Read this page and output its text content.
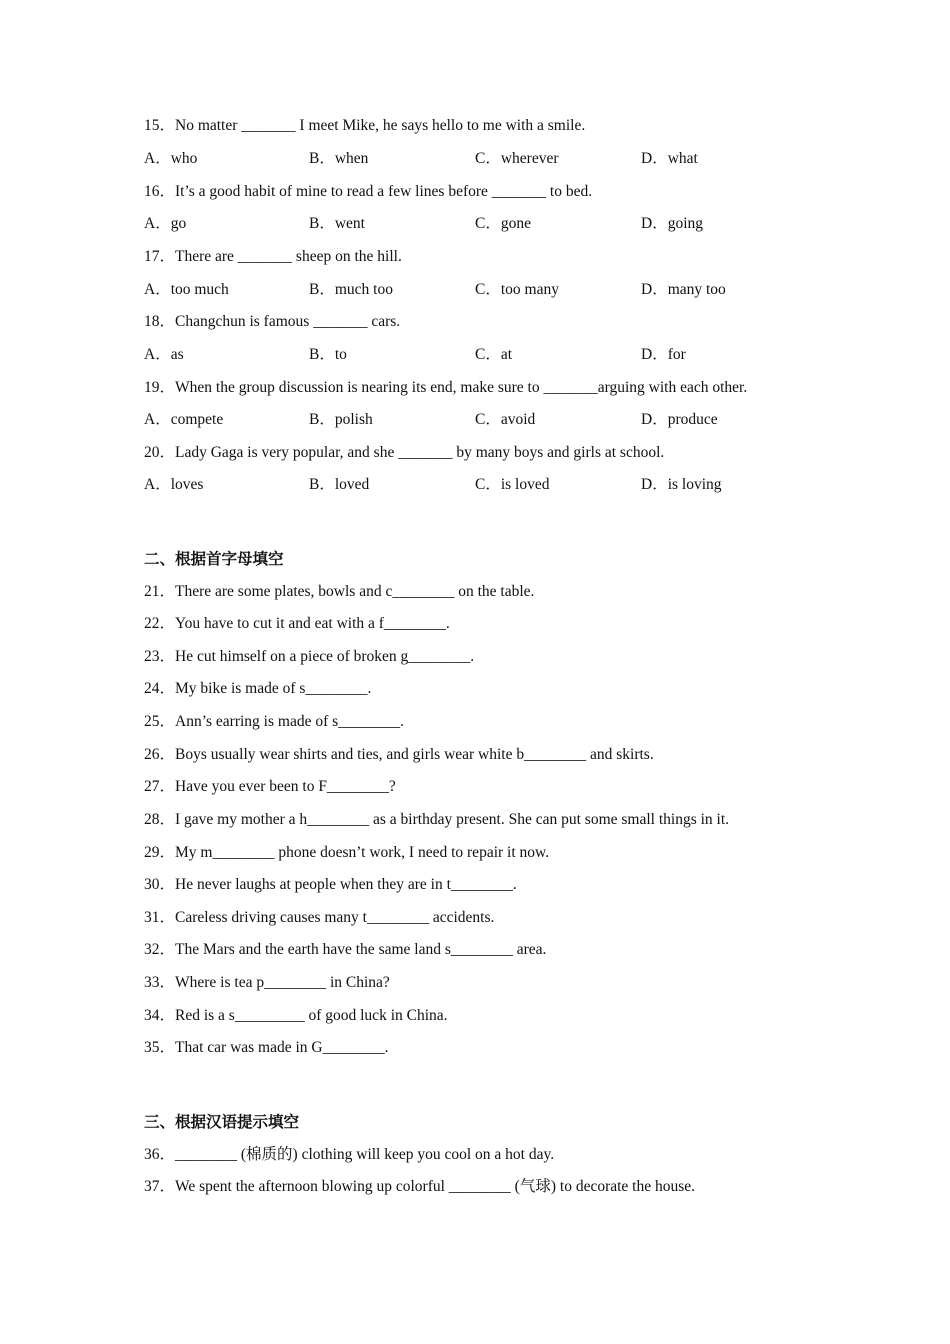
15．No matter _______ I meet Mike, he says hello to me with a smile.
A．who	B．when	C．wherever	D．what
16．It’s a good habit of mine to read a few lines before _______ to bed.
A．go	B．went	C．gone	D．going
17．There are _______ sheep on the hill.
A．too much	B．much too	C．too many	D．many too
18．Changchun is famous _______ cars.
A．as	B．to	C．at	D．for
19．When the group discussion is nearing its end, make sure to _______arguing with each other.
A．compete	B．polish	C．avoid	D．produce
20．Lady Gaga is very popular, and she _______ by many boys and girls at school.
A．loves	B．loved	C．is loved	D．is loving
二、根据首字母填空
21．There are some plates, bowls and c________ on the table.
22．You have to cut it and eat with a f________.
23．He cut himself on a piece of broken g________.
24．My bike is made of s________.
25．Ann’s earring is made of s________.
26．Boys usually wear shirts and ties, and girls wear white b________ and skirts.
27．Have you ever been to F________?
28．I gave my mother a h________ as a birthday present. She can put some small things in it.
29．My m________ phone doesn’t work, I need to repair it now.
30．He never laughs at people when they are in t________.
31．Careless driving causes many t________ accidents.
32．The Mars and the earth have the same land s________ area.
33．Where is tea p________ in China?
34．Red is a s_________ of good luck in China.
35．That car was made in G________.
三、根据汉语提示填空
36．________ (棉质的) clothing will keep you cool on a hot day.
37．We spent the afternoon blowing up colorful ________ (气球) to decorate the house.
